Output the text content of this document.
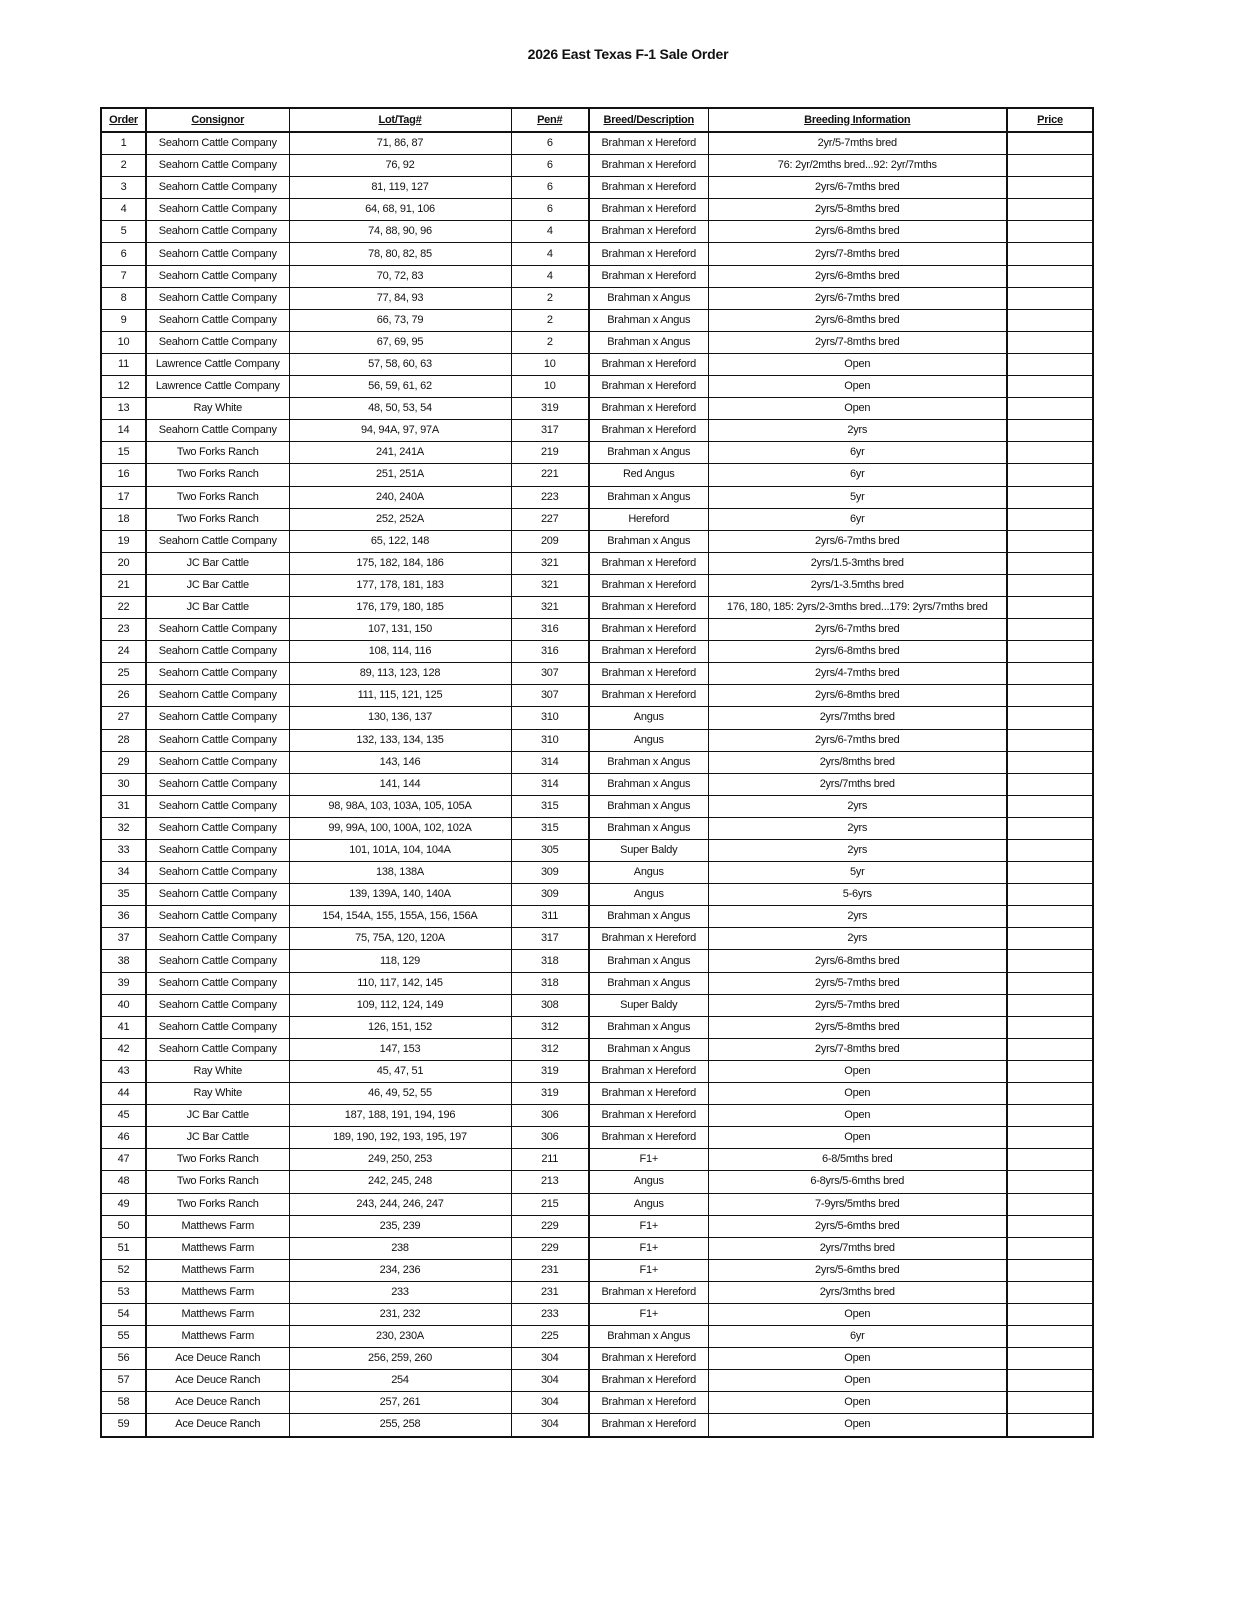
2026 East Texas F-1 Sale Order
Order	Consignor	Lot/Tag#	Pen#	Breed/Description	Breeding Information	Price
1	Seahorn Cattle Company	71, 86, 87	6	Brahman x Hereford	2yr/5-7mths bred	
2	Seahorn Cattle Company	76, 92	6	Brahman x Hereford	76: 2yr/2mths bred...92: 2yr/7mths	
3	Seahorn Cattle Company	81, 119, 127	6	Brahman x Hereford	2yrs/6-7mths bred	
4	Seahorn Cattle Company	64, 68, 91, 106	6	Brahman x Hereford	2yrs/5-8mths bred	
5	Seahorn Cattle Company	74, 88, 90, 96	4	Brahman x Hereford	2yrs/6-8mths bred	
6	Seahorn Cattle Company	78, 80, 82, 85	4	Brahman x Hereford	2yrs/7-8mths bred	
7	Seahorn Cattle Company	70, 72, 83	4	Brahman x Hereford	2yrs/6-8mths bred	
8	Seahorn Cattle Company	77, 84, 93	2	Brahman x Angus	2yrs/6-7mths bred	
9	Seahorn Cattle Company	66, 73, 79	2	Brahman x Angus	2yrs/6-8mths bred	
10	Seahorn Cattle Company	67, 69, 95	2	Brahman x Angus	2yrs/7-8mths bred	
11	Lawrence Cattle Company	57, 58, 60, 63	10	Brahman x Hereford	Open	
12	Lawrence Cattle Company	56, 59, 61, 62	10	Brahman x Hereford	Open	
13	Ray White	48, 50, 53, 54	319	Brahman x Hereford	Open	
14	Seahorn Cattle Company	94, 94A, 97, 97A	317	Brahman x Hereford	2yrs	
15	Two Forks Ranch	241, 241A	219	Brahman x Angus	6yr	
16	Two Forks Ranch	251, 251A	221	Red Angus	6yr	
17	Two Forks Ranch	240, 240A	223	Brahman x Angus	5yr	
18	Two Forks Ranch	252, 252A	227	Hereford	6yr	
19	Seahorn Cattle Company	65, 122, 148	209	Brahman x Angus	2yrs/6-7mths bred	
20	JC Bar Cattle	175, 182, 184, 186	321	Brahman x Hereford	2yrs/1.5-3mths bred	
21	JC Bar Cattle	177, 178, 181, 183	321	Brahman x Hereford	2yrs/1-3.5mths bred	
22	JC Bar Cattle	176, 179, 180, 185	321	Brahman x Hereford	176, 180, 185: 2yrs/2-3mths bred...179: 2yrs/7mths bred	
23	Seahorn Cattle Company	107, 131, 150	316	Brahman x Hereford	2yrs/6-7mths bred	
24	Seahorn Cattle Company	108, 114, 116	316	Brahman x Hereford	2yrs/6-8mths bred	
25	Seahorn Cattle Company	89, 113, 123, 128	307	Brahman x Hereford	2yrs/4-7mths bred	
26	Seahorn Cattle Company	111, 115, 121, 125	307	Brahman x Hereford	2yrs/6-8mths bred	
27	Seahorn Cattle Company	130, 136, 137	310	Angus	2yrs/7mths bred	
28	Seahorn Cattle Company	132, 133, 134, 135	310	Angus	2yrs/6-7mths bred	
29	Seahorn Cattle Company	143, 146	314	Brahman x Angus	2yrs/8mths bred	
30	Seahorn Cattle Company	141, 144	314	Brahman x Angus	2yrs/7mths bred	
31	Seahorn Cattle Company	98, 98A, 103, 103A, 105, 105A	315	Brahman x Angus	2yrs	
32	Seahorn Cattle Company	99, 99A, 100, 100A, 102, 102A	315	Brahman x Angus	2yrs	
33	Seahorn Cattle Company	101, 101A, 104, 104A	305	Super Baldy	2yrs	
34	Seahorn Cattle Company	138, 138A	309	Angus	5yr	
35	Seahorn Cattle Company	139, 139A, 140, 140A	309	Angus	5-6yrs	
36	Seahorn Cattle Company	154, 154A, 155, 155A, 156, 156A	311	Brahman x Angus	2yrs	
37	Seahorn Cattle Company	75, 75A, 120, 120A	317	Brahman x Hereford	2yrs	
38	Seahorn Cattle Company	118, 129	318	Brahman x Angus	2yrs/6-8mths bred	
39	Seahorn Cattle Company	110, 117, 142, 145	318	Brahman x Angus	2yrs/5-7mths bred	
40	Seahorn Cattle Company	109, 112, 124, 149	308	Super Baldy	2yrs/5-7mths bred	
41	Seahorn Cattle Company	126, 151, 152	312	Brahman x Angus	2yrs/5-8mths bred	
42	Seahorn Cattle Company	147, 153	312	Brahman x Angus	2yrs/7-8mths bred	
43	Ray White	45, 47, 51	319	Brahman x Hereford	Open	
44	Ray White	46, 49, 52, 55	319	Brahman x Hereford	Open	
45	JC Bar Cattle	187, 188, 191, 194, 196	306	Brahman x Hereford	Open	
46	JC Bar Cattle	189, 190, 192, 193, 195, 197	306	Brahman x Hereford	Open	
47	Two Forks Ranch	249, 250, 253	211	F1+	6-8/5mths bred	
48	Two Forks Ranch	242, 245, 248	213	Angus	6-8yrs/5-6mths bred	
49	Two Forks Ranch	243, 244, 246, 247	215	Angus	7-9yrs/5mths bred	
50	Matthews Farm	235, 239	229	F1+	2yrs/5-6mths bred	
51	Matthews Farm	238	229	F1+	2yrs/7mths bred	
52	Matthews Farm	234, 236	231	F1+	2yrs/5-6mths bred	
53	Matthews Farm	233	231	Brahman x Hereford	2yrs/3mths bred	
54	Matthews Farm	231, 232	233	F1+	Open	
55	Matthews Farm	230, 230A	225	Brahman x Angus	6yr	
56	Ace Deuce Ranch	256, 259, 260	304	Brahman x Hereford	Open	
57	Ace Deuce Ranch	254	304	Brahman x Hereford	Open	
58	Ace Deuce Ranch	257, 261	304	Brahman x Hereford	Open	
59	Ace Deuce Ranch	255, 258	304	Brahman x Hereford	Open	
